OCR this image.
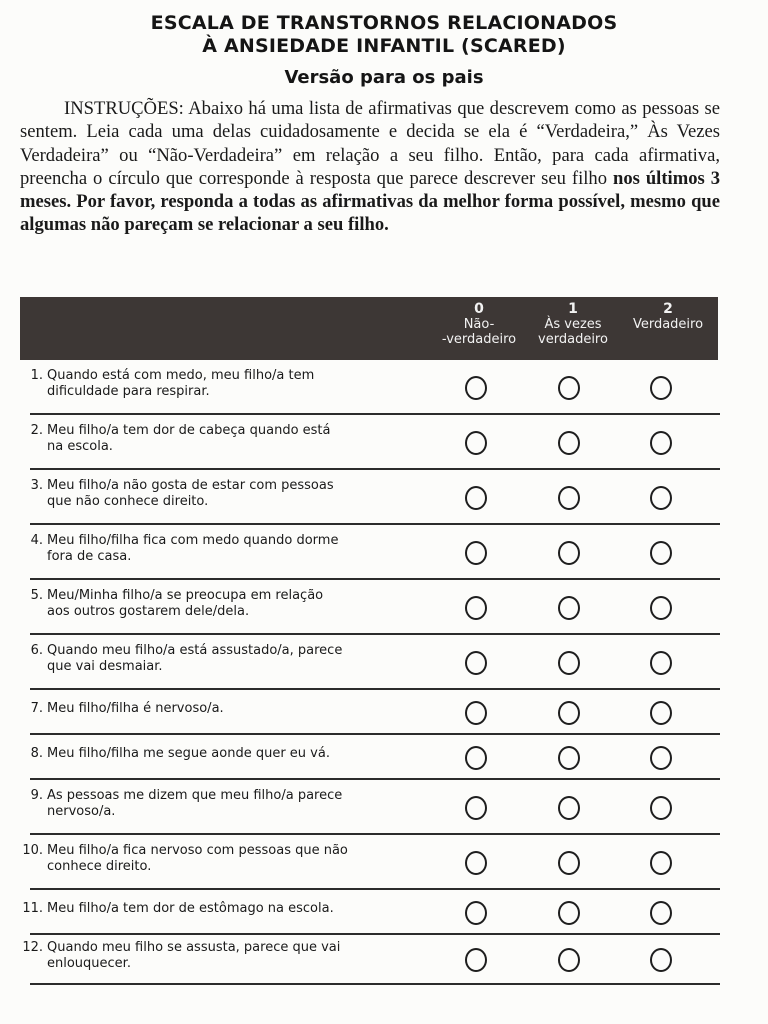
ESCALA DE TRANSTORNOS RELACIONADOS
À ANSIEDADE INFANTIL (SCARED)
Versão para os pais

INSTRUÇÕES: Abaixo há uma lista de afirmativas que descrevem como as pessoas se sentem. Leia cada uma delas cuidadosamente e decida se ela é “Verdadeira,” Às Vezes Verdadeira” ou “Não-Verdadeira” em relação a seu filho. Então, para cada afirmativa, preencha o círculo que corresponde à resposta que parece descrever seu filho nos últimos 3 meses. Por favor, responda a todas as afirmativas da melhor forma possível, mesmo que algumas não pareçam se relacionar a seu filho.

0
Não-
-verdadeiro
1
Às vezes
verdadeiro
2
Verdadeiro
1. Quando está com medo, meu filho/a tem
dificuldade para respirar.
2. Meu filho/a tem dor de cabeça quando está
na escola.
3. Meu filho/a não gosta de estar com pessoas
que não conhece direito.
4. Meu filho/filha fica com medo quando dorme
fora de casa.
5. Meu/Minha filho/a se preocupa em relação
aos outros gostarem dele/dela.
6. Quando meu filho/a está assustado/a, parece
que vai desmaiar.
7. Meu filho/filha é nervoso/a.
8. Meu filho/filha me segue aonde quer eu vá.
9. As pessoas me dizem que meu filho/a parece
nervoso/a.
10. Meu filho/a fica nervoso com pessoas que não
conhece direito.
11. Meu filho/a tem dor de estômago na escola.
12. Quando meu filho se assusta, parece que vai
enlouquecer.
